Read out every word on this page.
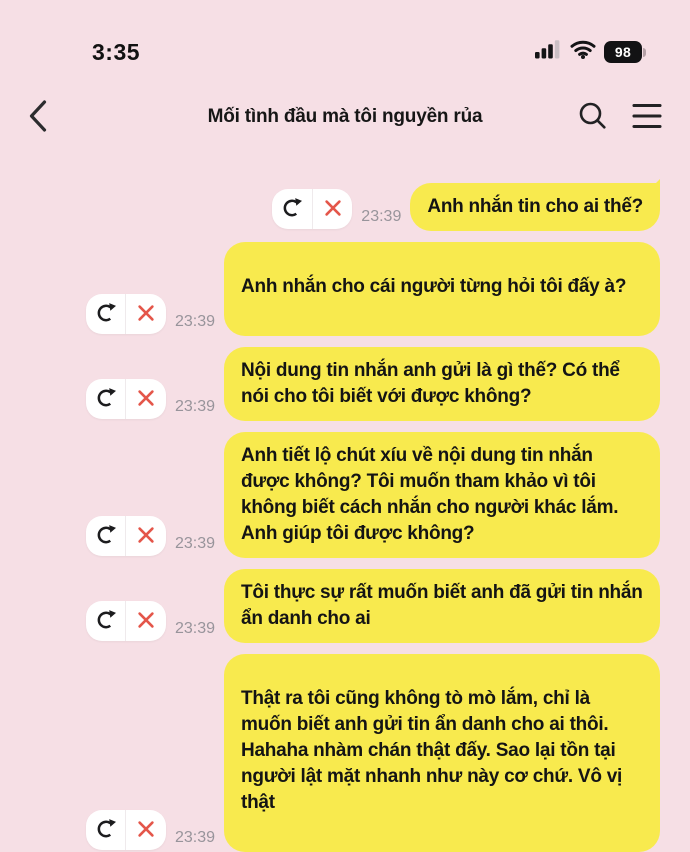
3:35	98
Mối tình đầu mà tôi nguyền rủa
23:39	Anh nhắn tin cho ai thế?
23:39
Anh nhắn cho cái người từng hỏi tôi đấy à?
23:39
Nội dung tin nhắn anh gửi là gì thế? Có thể nói cho tôi biết với được không?
23:39
Anh tiết lộ chút xíu về nội dung tin nhắn được không? Tôi muốn tham khảo vì tôi không biết cách nhắn cho người khác lắm. Anh giúp tôi được không?
23:39
Tôi thực sự rất muốn biết anh đã gửi tin nhắn ẩn danh cho ai
23:39
Thật ra tôi cũng không tò mò lắm, chỉ là muốn biết anh gửi tin ẩn danh cho ai thôi. Hahaha nhàm chán thật đấy. Sao lại tồn tại người lật mặt nhanh như này cơ chứ. Vô vị thật
